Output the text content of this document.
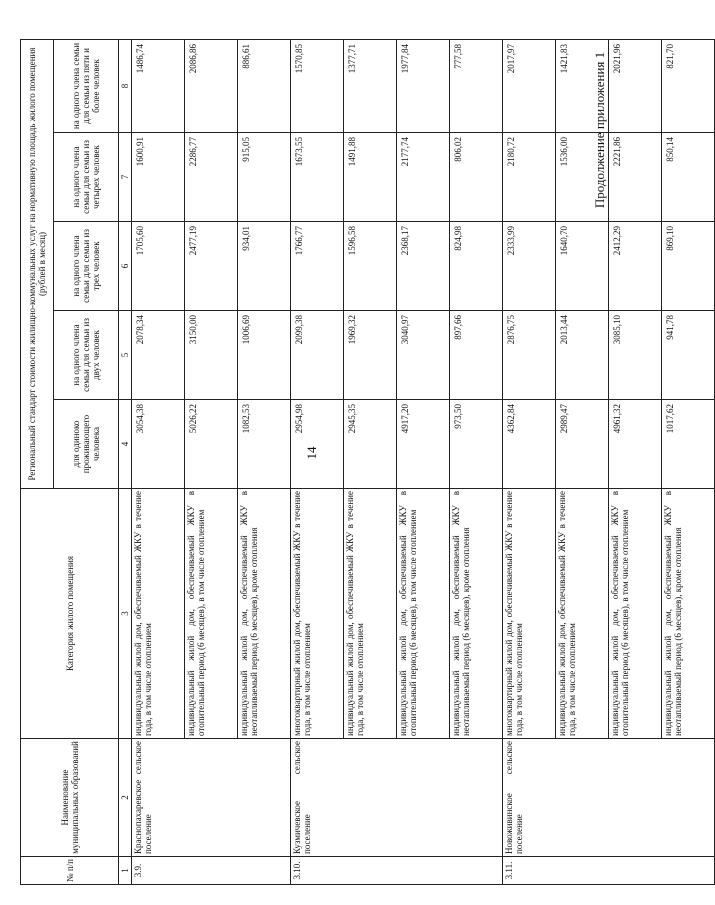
14
Продолжение приложения 1
№ п/п	Наименование муниципальных образований	Категория жилого помещения	Региональный стандарт стоимости жилищно-коммунальных услуг на нормативную площадь жилого помещения (рублей в месяц)				
			для одиноко проживающего человека	на одного члена семьи для семьи из двух человек	на одного члена семьи для семьи из трех человек	на одного члена семьи для семьи из четырех человек	на одного члена семьи для семьи из пяти и более человек
1	2	3	4	5	6	7	8
3.9.	Краснопахаревское сельское поселение	индивидуальный жилой дом, обеспечиваемый ЖКУ в течение года, в том числе отоплением	3054,38	2078,34	1705,60	1600,91	1486,74
		индивидуальный жилой дом, обеспечиваемый ЖКУ в отопительный период (6 месяцев), в том числе отоплением	5026,22	3150,00	2477,19	2286,77	2086,86
		индивидуальный жилой дом, обеспечиваемый ЖКУ в неотапливаемый период (6 месяцев), кроме отопления	1082,53	1006,69	934,01	915,05	886,61
3.10.	Кузмичевское сельское поселение	многоквартирный жилой дом, обеспечиваемый ЖКУ в течение года, в том числе отоплением	2954,98	2099,38	1766,77	1673,55	1570,85
		индивидуальный жилой дом, обеспечиваемый ЖКУ в течение года, в том числе отоплением	2945,35	1969,32	1596,58	1491,88	1377,71
		индивидуальный жилой дом, обеспечиваемый ЖКУ в отопительный период (6 месяцев), в том числе отоплением	4917,20	3040,97	2368,17	2177,74	1977,84
		индивидуальный жилой дом, обеспечиваемый ЖКУ в неотапливаемый период (6 месяцев), кроме отопления	973,50	897,66	824,98	806,02	777,58
3.11.	Новоживинское сельское поселение	многоквартирный жилой дом, обеспечиваемый ЖКУ в течение года, в том числе отоплением	4362,84	2876,75	2333,99	2180,72	2017,97
		индивидуальный жилой дом, обеспечиваемый ЖКУ в течение года, в том числе отоплением	2989,47	2013,44	1640,70	1536,00	1421,83
		индивидуальный жилой дом, обеспечиваемый ЖКУ в отопительный период (6 месяцев), в том числе отоплением	4961,32	3085,10	2412,29	2221,86	2021,96
		индивидуальный жилой дом, обеспечиваемый ЖКУ в неотапливаемый период (6 месяцев), кроме отопления	1017,62	941,78	869,10	850,14	821,70
